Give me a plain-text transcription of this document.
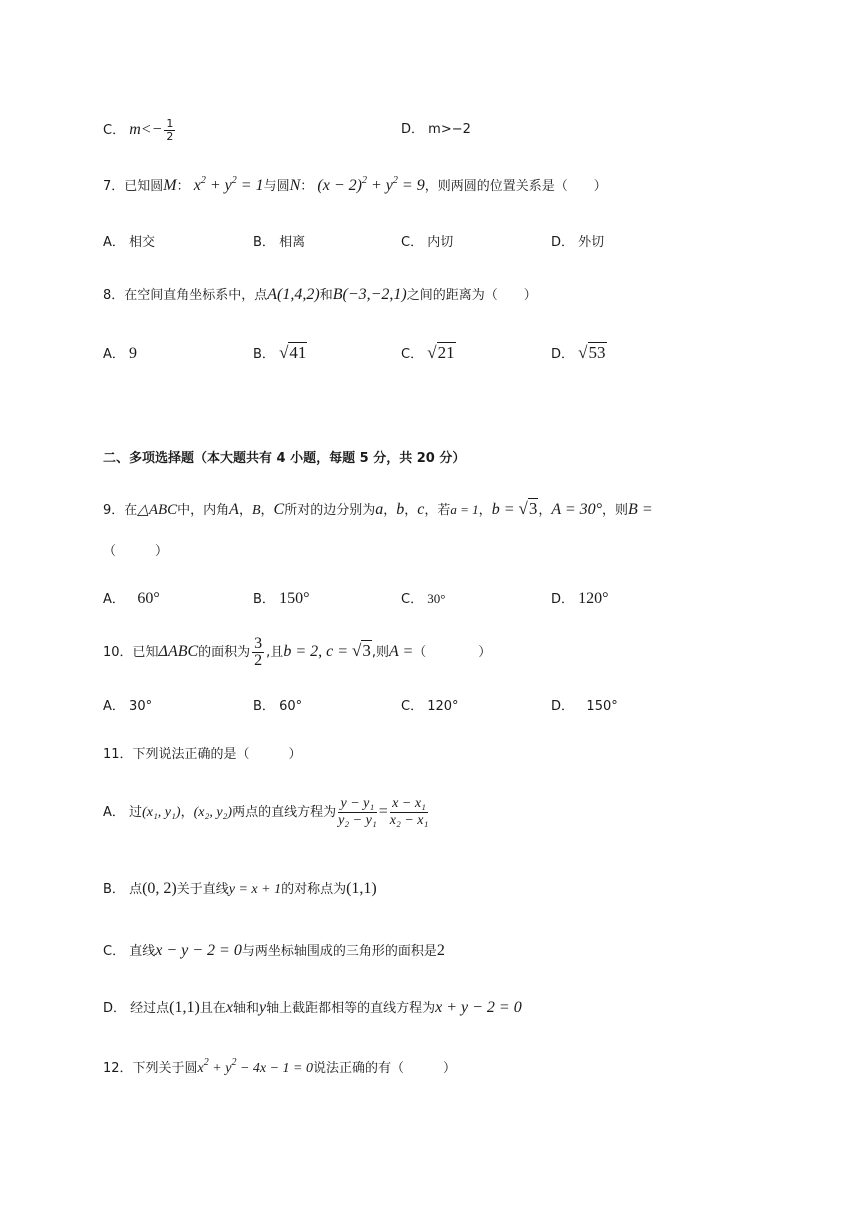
C． $m<- \frac{1}{2}$	D． m>−2
7．已知圆M： $x^2 + y^2 = 1$与圆N： $(x - 2)^2 + y^2 = 9$，则两圆的位置关系是（　　）
A． 相交	B． 相离	C． 内切	D． 外切
8．在空间直角坐标系中，点A(1,4,2)和B(−3,−2,1)之间的距离为（　　）
A． 9	B． √41	C． √21	D． √53
二、多项选择题（本大题共有 4 小题，每题 5 分，共 20 分）
9．在△ABC中，内角A，B，C所对的边分别为a，b，c，若a = 1，b = √3，A = 30°，则B =
（　　　）
A． 60°	B． 150°	C． 30°	D． 120°
10．已知ΔABC的面积为 $\frac{3}{2}$ ,且b = 2, c = √3,则A =（　　　　）
A． 30°	B． 60°	C． 120°	D． 150°
11．下列说法正确的是（　　　）
A． 过(x₁, y₁)，(x₂, y₂)两点的直线方程为 $\frac{\text{y − y₁}}{\text{y₂ − y₁}} = \frac{\text{x − x₁}}{\text{x₂ − x₁}}$
B． 点(0, 2)关于直线y = x + 1的对称点为(1,1)
C． 直线x − y − 2 = 0与两坐标轴围成的三角形的面积是2
D． 经过点(1,1)且在x轴和y轴上截距都相等的直线方程为x + y − 2 = 0
12．下列关于圆$x^2 + y^2 - 4x - 1 = 0$说法正确的有（　　　）
